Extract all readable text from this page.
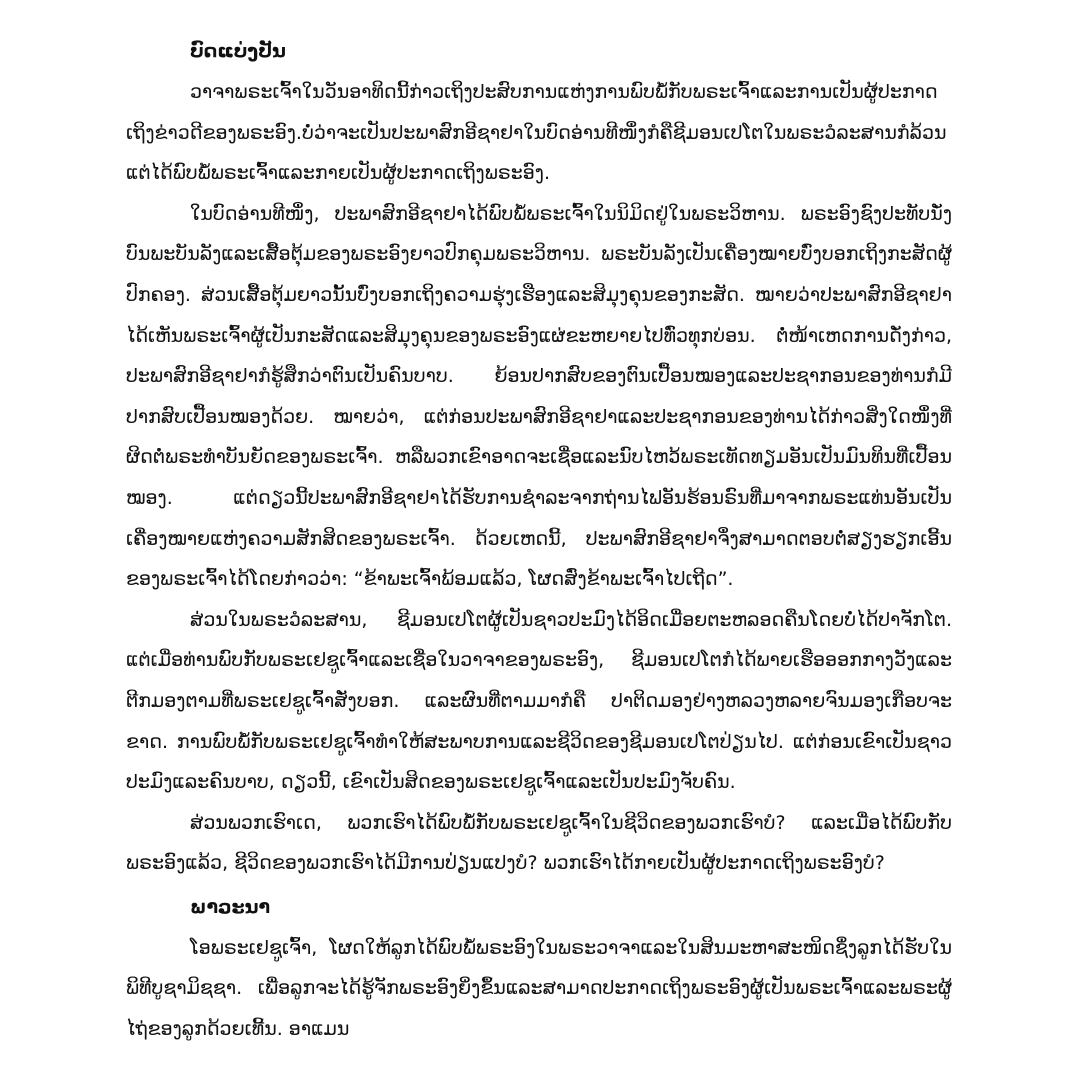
ບົດແບ່ງປັນ

ວາຈາພຣະເຈົ້າໃນວັນອາທິດນີ້ກ່າວເຖິງປະສົບການແຫ່ງການພົບພໍ້ກັບພຣະເຈົ້າແລະການເປັນຜູ້ປະກາດເຖິງຂ່າວດີຂອງພຣະອົງ.ບໍ່ວ່າຈະເປັນປະພາສົກອີຊາຢາໃນບົດອ່ານທີໜຶ່ງກໍຄືຊີມອນເປໂຕໃນພຣະວໍລະສານກໍລ້ວນແຕ່ໄດ້ພົບພໍ້ພຣະເຈົ້າແລະກາຍເປັນຜູ້ປະກາດເຖິງພຣະອົງ.

ໃນບົດອ່ານທີໜຶ່ງ, ປະພາສົກອີຊາຢາໄດ້ພົບພໍ້ພຣະເຈົ້າໃນນິມິດຢູ່ໃນພຣະວິຫານ. ພຣະອົງຊົງປະທັບນັ່ງບົນພະບັນລັງແລະເສື້ອຕຸ້ມຂອງພຣະອົງຍາວປົກຄຸມພຣະວິຫານ. ພຣະບັນລັງເປັນເຄື່ອງໝາຍບົ່ງບອກເຖິງກະສັດຜູ້ປົກຄອງ. ສ່ວນເສື້ອຕຸ້ມຍາວນັ້ນບົ່ງບອກເຖິງຄວາມຮຸ່ງເຮືອງແລະສິມຸງຄຸນຂອງກະສັດ. ໝາຍວ່າປະພາສົກອີຊາຢາໄດ້ເຫັນພຣະເຈົ້າຜູ້ເປັນກະສັດແລະສິມຸງຄຸນຂອງພຣະອົງແຜ່ຂະຫຍາຍໄປທົ່ວທຸກບ່ອນ. ຕໍ່ໜ້າເຫດການດັ່ງກ່າວ, ປະພາສົກອີຊາຢາກໍຮູ້ສຶກວ່າຕົນເປັນຄົນບາບ. ຍ້ອນປາກສົບຂອງຕົນເປື້ອນໝອງແລະປະຊາກອນຂອງທ່ານກໍມີປາກສົບເປື້ອນໝອງດ້ວຍ. ໝາຍວ່າ, ແຕ່ກ່ອນປະພາສົກອີຊາຢາແລະປະຊາກອນຂອງທ່ານໄດ້ກ່າວສິ່ງໃດໜຶ່ງທີ່ຜິດຕໍ່ພຣະທຳບັນຍັດຂອງພຣະເຈົ້າ. ຫລືພວກເຂົາອາດຈະເຊື່ອແລະນົບໄຫວ້ພຣະເທັດທຽມອັນເປັນມົນທິນທີ່ເປື້ອນໝອງ. ແຕ່ດຽວນີ້ປະພາສົກອີຊາຢາໄດ້ຮັບການຊຳລະຈາກຖ່ານໄຟອັນຮ້ອນຣົນທີ່ມາຈາກພຣະແທ່ນອັນເປັນເຄື່ອງໝາຍແຫ່ງຄວາມສັກສິດຂອງພຣະເຈົ້າ. ດ້ວຍເຫດນີ້, ປະພາສົກອີຊາຢາຈຶ່ງສາມາດຕອບຕໍ່ສຽງຮຽກເອີ້ນຂອງພຣະເຈົ້າໄດ້ໂດຍກ່າວວ່າ: “ຂ້າພະເຈົ້າພ້ອມແລ້ວ, ໂຜດສົ່ງຂ້າພະເຈົ້າໄປເຖີດ”.

ສ່ວນໃນພຣະວໍລະສານ, ຊີມອນເປໂຕຜູ້ເປັນຊາວປະມົງໄດ້ອິດເມື່ອຍຕະຫລອດຄືນໂດຍບໍ່ໄດ້ປາຈັກໂຕ. ແຕ່ເມື່ອທ່ານພົບກັບພຣະເຢຊູເຈົ້າແລະເຊື່ອໃນວາຈາຂອງພຣະອົງ, ຊີມອນເປໂຕກໍໄດ້ພາຍເຮືອອອກກາງວັງແລະຕີກມອງຕາມທີ່ພຣະເຢຊູເຈົ້າສັ່ງບອກ. ແລະຜົນທີ່ຕາມມາກໍຄື ປາຕິດມອງຢ່າງຫລວງຫລາຍຈົນມອງເກືອບຈະຂາດ. ການພົບພໍ້ກັບພຣະເຢຊູເຈົ້າທຳໃຫ້ສະພາບການແລະຊີວິດຂອງຊີມອນເປໂຕປ່ຽນໄປ. ແຕ່ກ່ອນເຂົາເປັນຊາວປະມົງແລະຄົນບາບ, ດຽວນີ້, ເຂົາເປັນສິດຂອງພຣະເຢຊູເຈົ້າແລະເປັນປະມົງຈັບຄົນ.

ສ່ວນພວກເຮົາເດ, ພວກເຮົາໄດ້ພົບພໍ້ກັບພຣະເຢຊູເຈົ້າໃນຊີວິດຂອງພວກເຮົາບໍ? ແລະເມື່ອໄດ້ພົບກັບພຣະອົງແລ້ວ, ຊີວິດຂອງພວກເຮົາໄດ້ມີການປ່ຽນແປງບໍ? ພວກເຮົາໄດ້ກາຍເປັນຜູ້ປະກາດເຖິງພຣະອົງບໍ?

ພາວະນາ

ໂອພຣະເຢຊູເຈົ້າ, ໂຜດໃຫ້ລູກໄດ້ພົບພໍ້ພຣະອົງໃນພຣະວາຈາແລະໃນສິນມະຫາສະໜິດຊຶ່ງລູກໄດ້ຮັບໃນພິທີບູຊາມິຊຊາ. ເພື່ອລູກຈະໄດ້ຮູ້ຈັກພຣະອົງຍິ່ງຂຶ້ນແລະສາມາດປະກາດເຖິງພຣະອົງຜູ້ເປັນພຣະເຈົ້າແລະພຣະຜູ້ໄຖ່ຂອງລູກດ້ວຍເທີ້ນ. ອາແມນ
